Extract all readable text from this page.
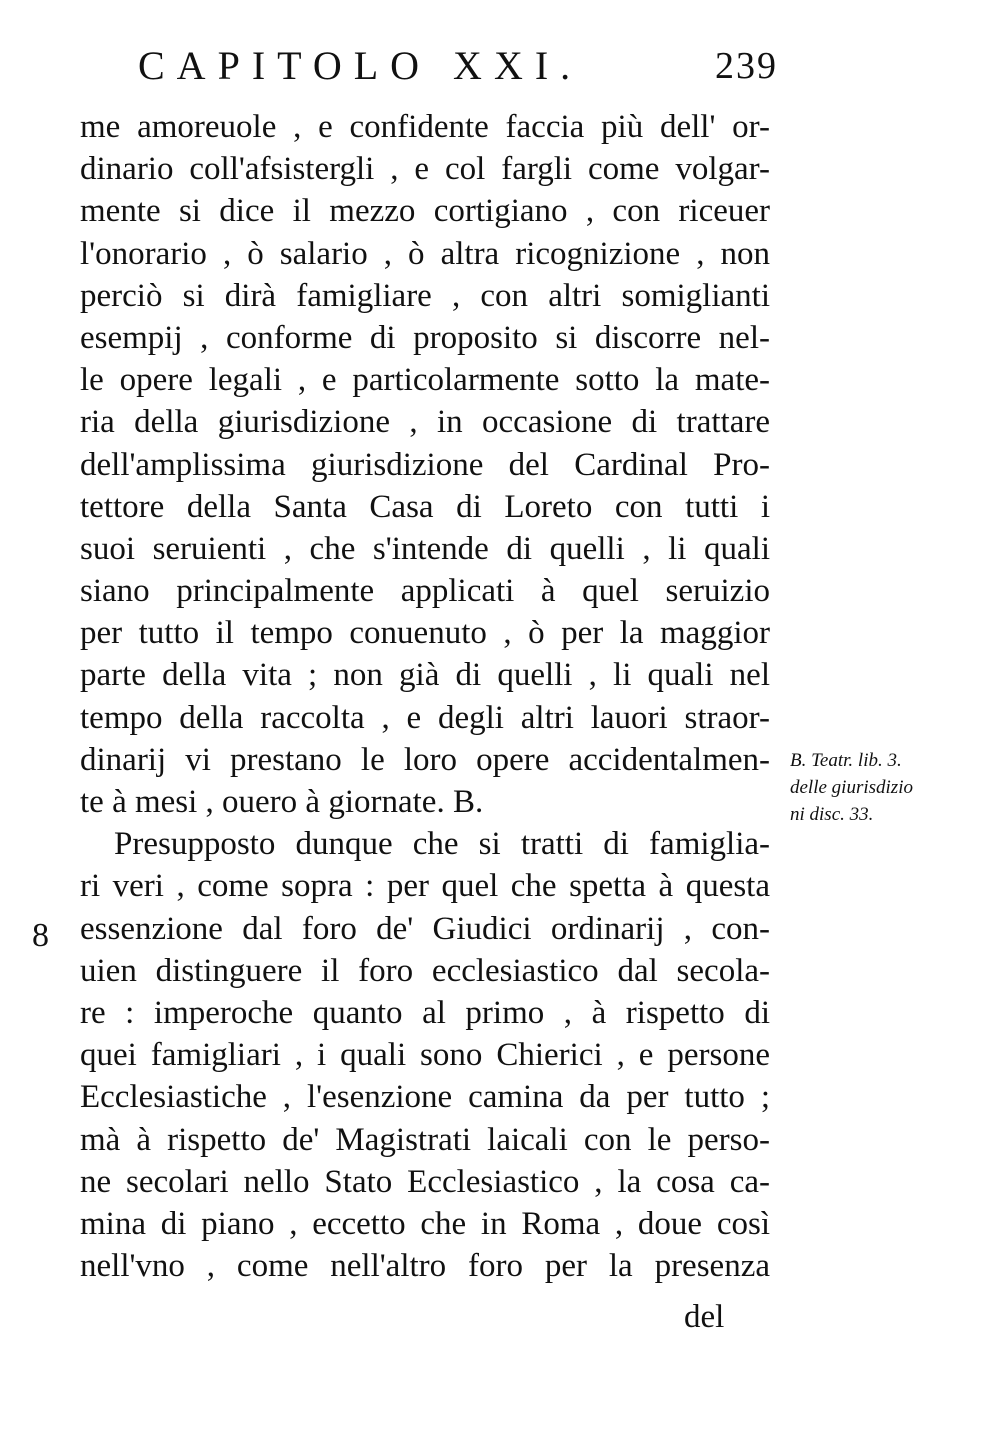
CAPITOLO XXI.	239
me amoreuole , e confidente faccia più dell' or-
dinario coll'afsistergli , e col fargli come volgar-
mente si dice il mezzo cortigiano , con riceuer
l'onorario , ò salario , ò altra ricognizione , non
perciò si dirà famigliare , con altri somiglianti
esempij , conforme di proposito si discorre nel-
le opere legali , e particolarmente sotto la mate-
ria della giurisdizione , in occasione di trattare
dell'amplissima giurisdizione del Cardinal Pro-
tettore della Santa Casa di Loreto con tutti i
suoi seruienti , che s'intende di quelli , li quali
siano principalmente applicati à quel seruizio
per tutto il tempo conuenuto , ò per la maggior
parte della vita ; non già di quelli , li quali nel
tempo della raccolta , e degli altri lauori straor-
dinarij vi prestano le loro opere accidentalmen-
te à mesi , ouero à giornate. B.
Presupposto dunque che si tratti di famiglia-
ri veri , come sopra : per quel che spetta à questa
essenzione dal foro de' Giudici ordinarij , con-
uien distinguere il foro ecclesiastico dal secola-
re : imperoche quanto al primo , à rispetto di
quei famigliari , i quali sono Chierici , e persone
Ecclesiastiche , l'esenzione camina da per tutto ;
mà à rispetto de' Magistrati laicali con le perso-
ne secolari nello Stato Ecclesiastico , la cosa ca-
mina di piano , eccetto che in Roma , doue così
nell'vno , come nell'altro foro per la presenza
8
B. Teatr. lib. 3.
delle giurisdizio
ni disc. 33.
del
